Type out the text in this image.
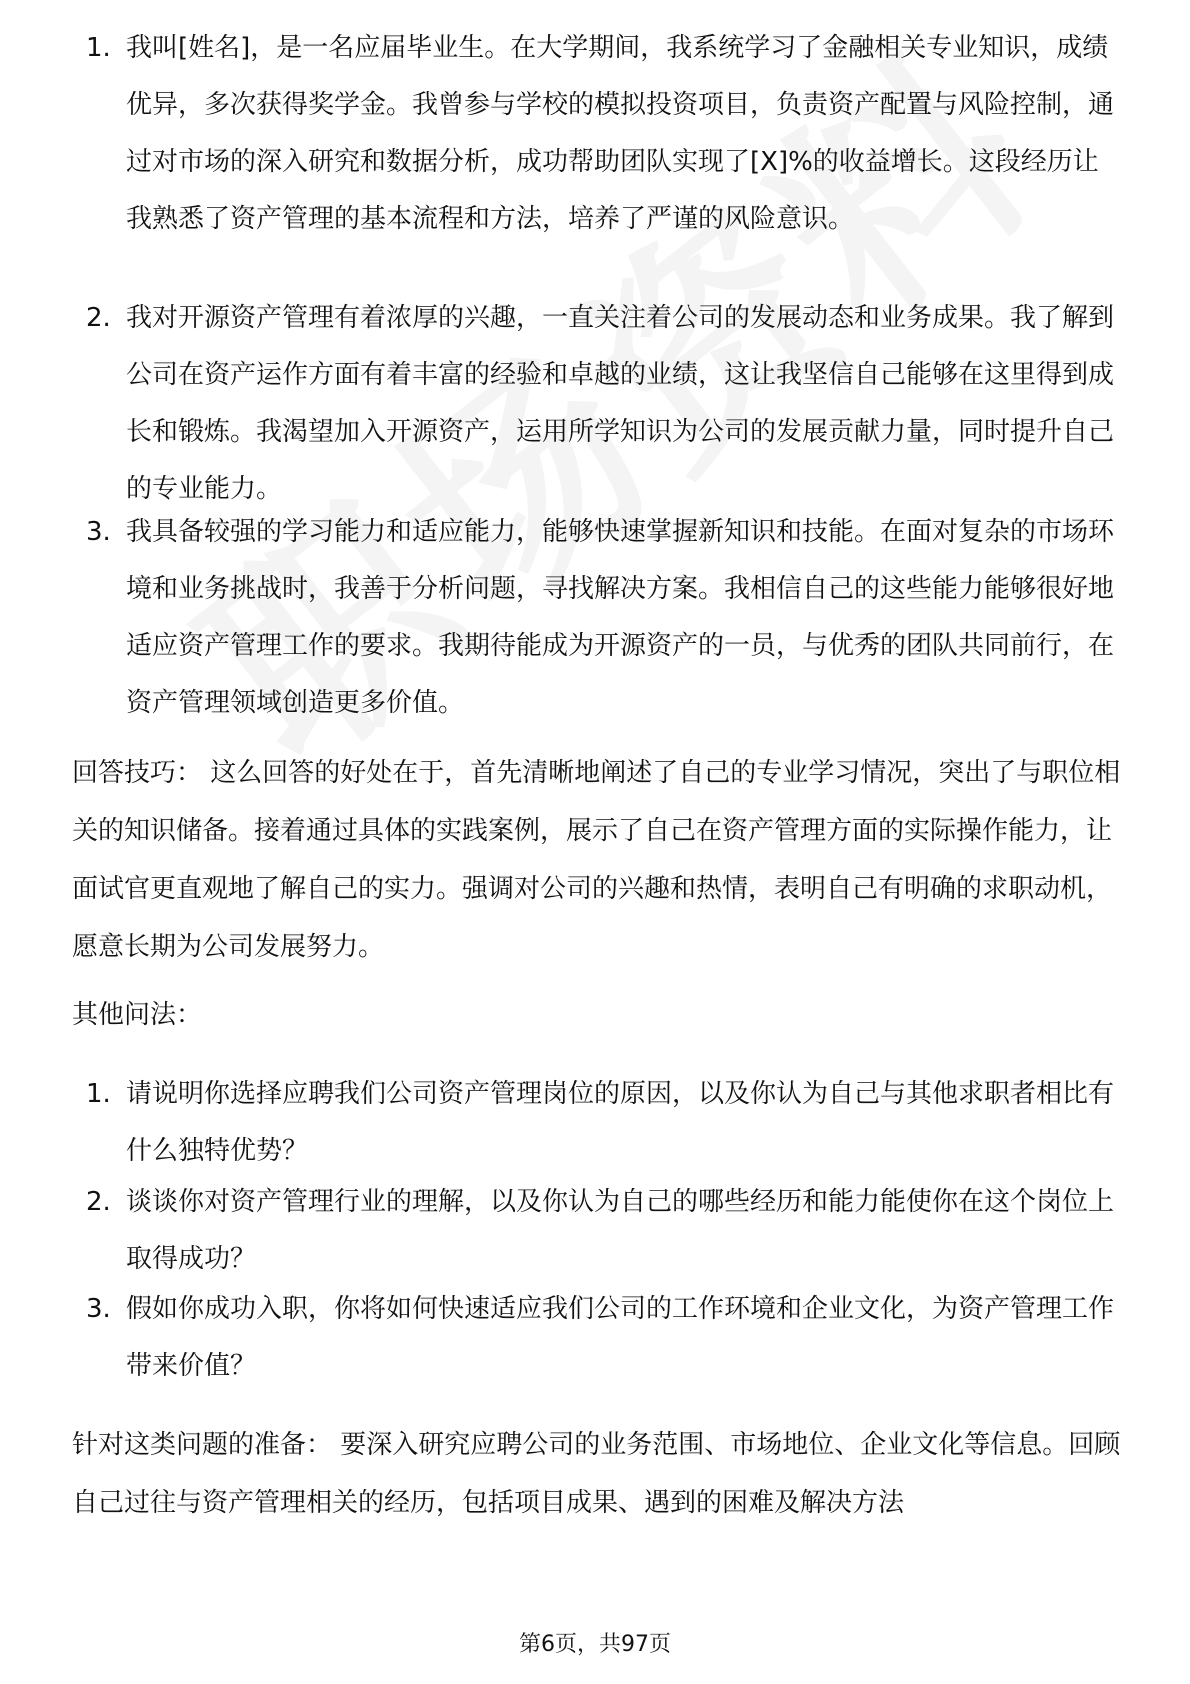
1. 我叫[姓名]，是一名应届毕业生。在大学期间，我系统学习了金融相关专业知识，成绩优异，多次获得奖学金。我曾参与学校的模拟投资项目，负责资产配置与风险控制，通过对市场的深入研究和数据分析，成功帮助团队实现了[X]%的收益增长。这段经历让我熟悉了资产管理的基本流程和方法，培养了严谨的风险意识。
2. 我对开源资产管理有着浓厚的兴趣，一直关注着公司的发展动态和业务成果。我了解到公司在资产运作方面有着丰富的经验和卓越的业绩，这让我坚信自己能够在这里得到成长和锻炼。我渴望加入开源资产，运用所学知识为公司的发展贡献力量，同时提升自己的专业能力。
3. 我具备较强的学习能力和适应能力，能够快速掌握新知识和技能。在面对复杂的市场环境和业务挑战时，我善于分析问题，寻找解决方案。我相信自己的这些能力能够很好地适应资产管理工作的要求。我期待能成为开源资产的一员，与优秀的团队共同前行，在资产管理领域创造更多价值。

回答技巧： 这么回答的好处在于，首先清晰地阐述了自己的专业学习情况，突出了与职位相关的知识储备。接着通过具体的实践案例，展示了自己在资产管理方面的实际操作能力，让面试官更直观地了解自己的实力。强调对公司的兴趣和热情，表明自己有明确的求职动机，愿意长期为公司发展努力。

其他问法：

1. 请说明你选择应聘我们公司资产管理岗位的原因，以及你认为自己与其他求职者相比有什么独特优势？
2. 谈谈你对资产管理行业的理解，以及你认为自己的哪些经历和能力能使你在这个岗位上取得成功？
3. 假如你成功入职，你将如何快速适应我们公司的工作环境和企业文化，为资产管理工作带来价值？

针对这类问题的准备： 要深入研究应聘公司的业务范围、市场地位、企业文化等信息。回顾自己过往与资产管理相关的经历，包括项目成果、遇到的困难及解决方法

第6页，共97页
